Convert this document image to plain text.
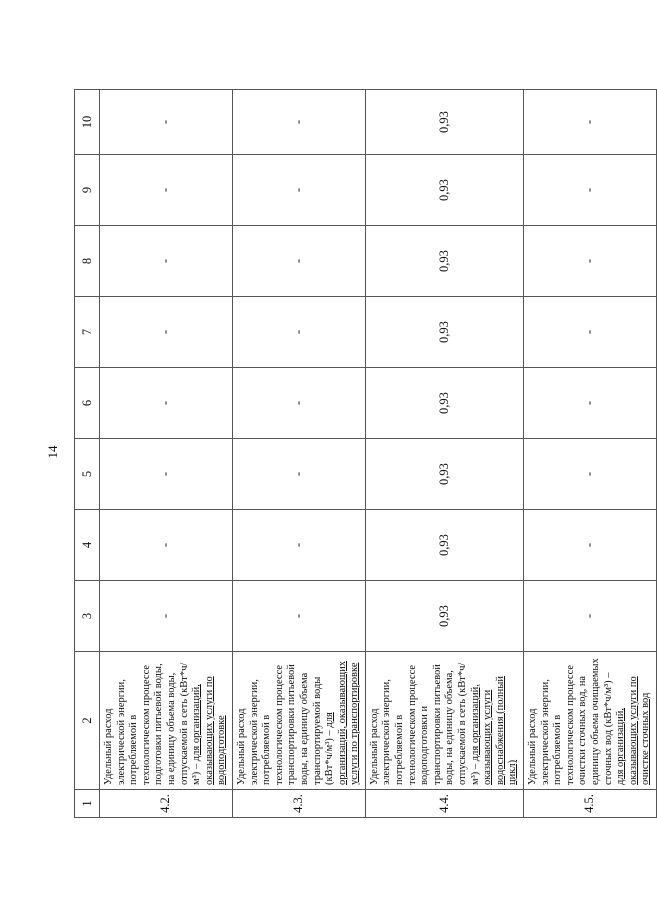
14
1	2	3	4	5	6	7	8	9	10
4.2.	Удельный расход электрической энергии, потребляемой в технологическом процессе подготовки питьевой воды, на единицу объема воды, отпускаемой в сеть (кВт*ч/м³) – для организаций, оказывающих услуги по водоподготовке	-	-	-	-	-	-	-	-
4.3.	Удельный расход электрической энергии, потребляемой в технологическом процессе транспортировки питьевой воды, на единицу объема транспортируемой воды (кВт*ч/м³) – для организаций, оказывающих услуги по транспортировке	-	-	-	-	-	-	-	-
4.4.	Удельный расход электрической энергии, потребляемой в технологическом процессе водоподготовки и транспортировки питьевой воды, на единицу объема, отпускаемой в сеть (кВт*ч/м³) – для организаций, оказывающих услуги водоснабжения (полный цикл)	0,93	0,93	0,93	0,93	0,93	0,93	0,93	0,93
4.5.	Удельный расход электрической энергии, потребляемой в технологическом процессе очистки сточных вод, на единицу объема очищаемых сточных вод (кВт*ч/м³) – для организаций, оказывающих услуги по очистке сточных вод	-	-	-	-	-	-	-	-
